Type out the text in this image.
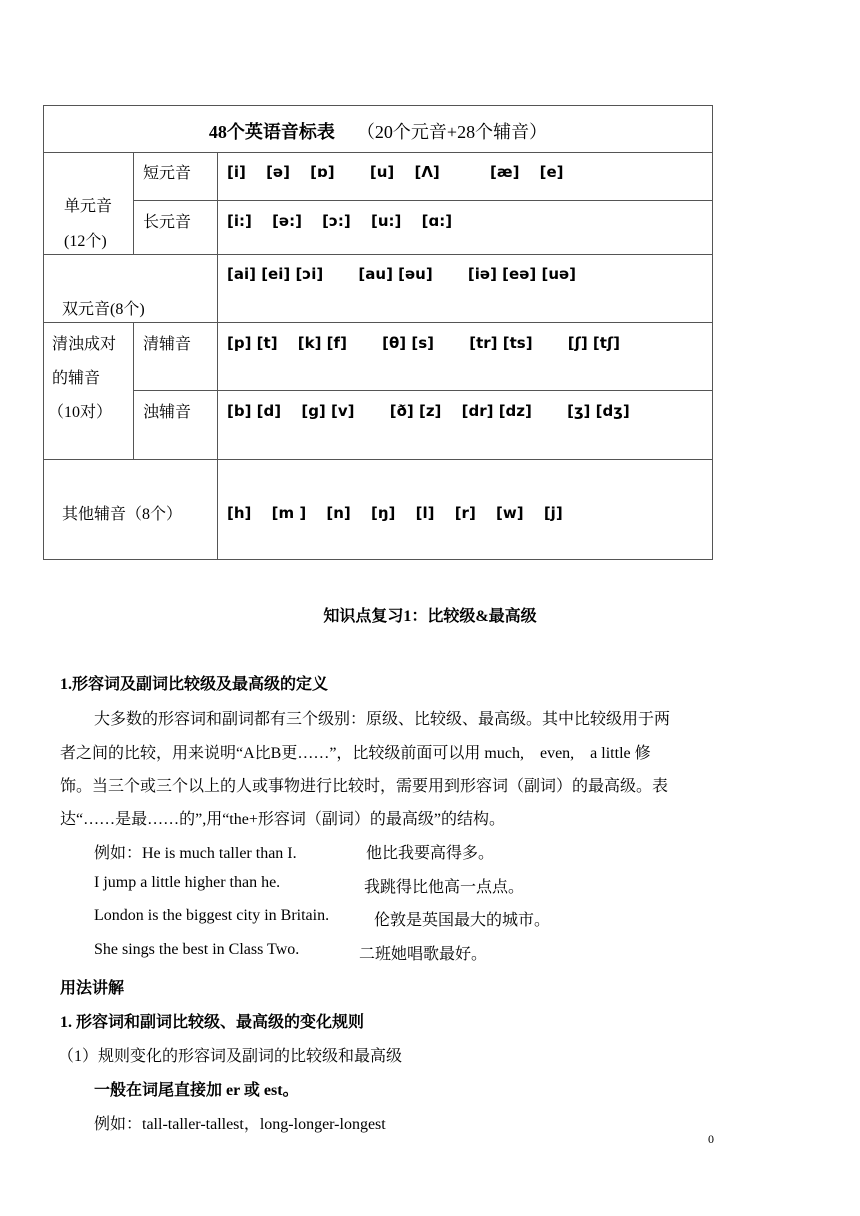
48个英语音标表 （20个元音+28个辅音）
单元音
(12个)
短元音 [i]　 [ə]　 [ɒ]　　 [u]　 [Λ]　　　 [æ]　 [e]
长元音 [i:]　 [ə:]　 [ɔ:]　 [u:]　 [ɑ:]
双元音(8个)
[ai] [ei] [ɔi]　　 [au] [əu]　　 [iə] [eə] [uə]
清浊成对
的辅音
（10对）
清辅音 [p] [t]　 [k] [f]　　 [θ] [s]　　 [tr] [ts]　　 [ʃ] [tʃ]
浊辅音 [b] [d]　 [g] [v]　　 [ð] [z]　 [dr] [dz]　　 [ʒ] [dʒ]
其他辅音（8个）	[h]　 [m ]　 [n]　 [ŋ]　 [l]　 [r]　 [w]　 [j]
知识点复习1：比较级&最高级
1.形容词及副词比较级及最高级的定义
大多数的形容词和副词都有三个级别：原级、比较级、最高级。其中比较级用于两
者之间的比较，用来说明“A比B更……”，比较级前面可以用 much,　even,　a little 修
饰。当三个或三个以上的人或事物进行比较时，需要用到形容词（副词）的最高级。表
达“……是最……的”,用“the+形容词（副词）的最高级”的结构。
例如：He is much taller than I.	他比我要高得多。
I jump a little higher than he.	我跳得比他高一点点。
London is the biggest city in Britain.	伦敦是英国最大的城市。
She sings the best in Class Two.	二班她唱歌最好。
用法讲解
1. 形容词和副词比较级、最高级的变化规则
（1）规则变化的形容词及副词的比较级和最高级
一般在词尾直接加 er 或 est。
例如：tall-taller-tallest，long-longer-longest
0
